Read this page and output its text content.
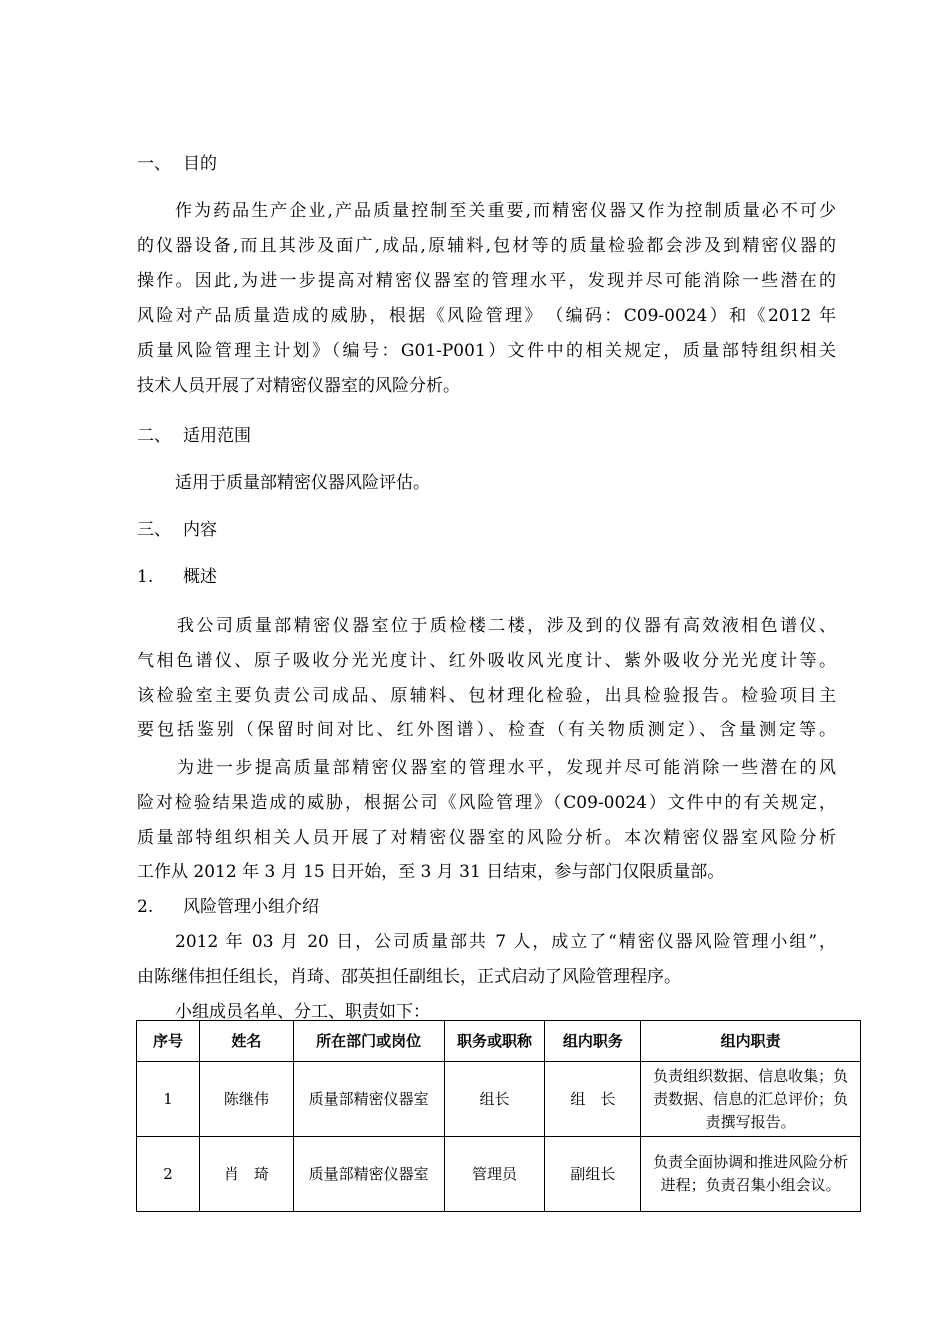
一、 目的
作为药品生产企业,产品质量控制至关重要,而精密仪器又作为控制质量必不可少
的仪器设备,而且其涉及面广,成品,原辅料,包材等的质量检验都会涉及到精密仪器的
操作。因此,为进一步提高对精密仪器室的管理水平，发现并尽可能消除一些潜在的
风险对产品质量造成的威胁，根据《风险管理》　（编码：C09-0024）和《2012 年
质量风险管理主计划》（编号：G01-P001）文件中的相关规定，质量部特组织相关
技术人员开展了对精密仪器室的风险分析。
二、 适用范围
适用于质量部精密仪器风险评估。
三、 内容
1. 概述
我公司质量部精密仪器室位于质检楼二楼，涉及到的仪器有高效液相色谱仪、
气相色谱仪、原子吸收分光光度计、红外吸收风光度计、紫外吸收分光光度计等。
该检验室主要负责公司成品、原辅料、包材理化检验，出具检验报告。检验项目主
要包括鉴别（保留时间对比、红外图谱）、检查（有关物质测定）、含量测定等。
为进一步提高质量部精密仪器室的管理水平，发现并尽可能消除一些潜在的风
险对检验结果造成的威胁，根据公司《风险管理》（C09-0024）文件中的有关规定，
质量部特组织相关人员开展了对精密仪器室的风险分析。本次精密仪器室风险分析
工作从 2012 年 3 月 15 日开始，至 3 月 31 日结束，参与部门仅限质量部。
2. 风险管理小组介绍
2012 年 03 月 20 日，公司质量部共 7 人，成立了“精密仪器风险管理小组”，
由陈继伟担任组长，肖琦、邵英担任副组长，正式启动了风险管理程序。
小组成员名单、分工、职责如下：
序号	姓名	所在部门或岗位	职务或职称	组内职务	组内职责
1	陈继伟	质量部精密仪器室	组长	组　长	负责组织数据、信息收集；负责数据、信息的汇总评价；负责撰写报告。
2	肖　琦	质量部精密仪器室	管理员	副组长	负责全面协调和推进风险分析进程；负责召集小组会议。
